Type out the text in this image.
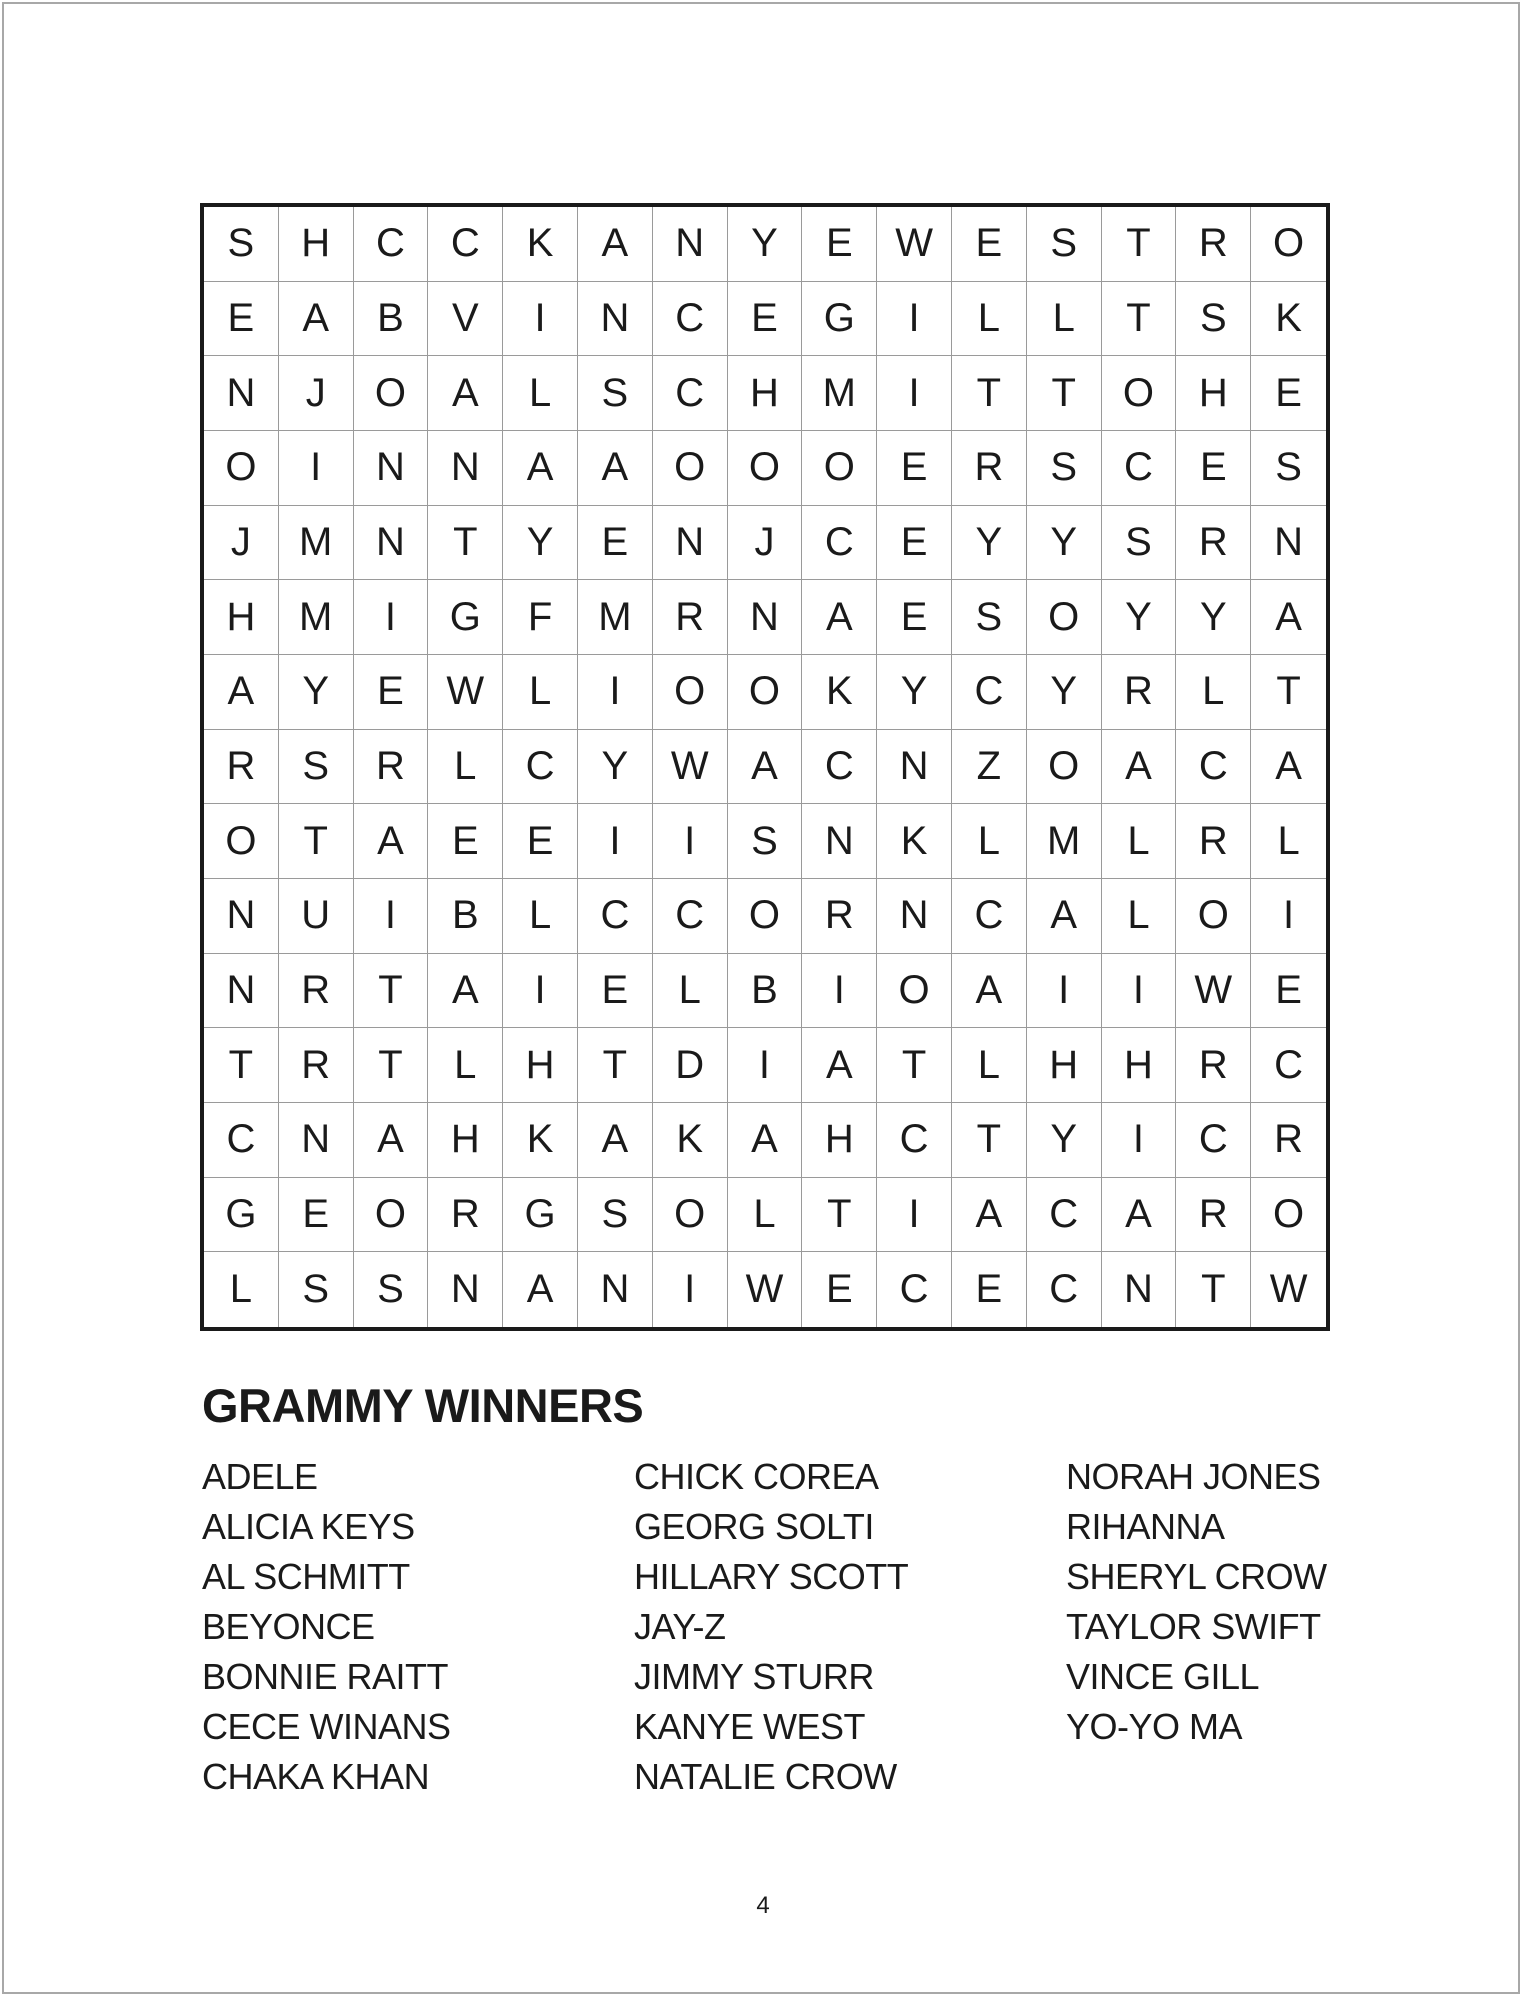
S	H	C	C	K	A	N	Y	E	W	E	S	T	R	O
E	A	B	V	I	N	C	E	G	I	L	L	T	S	K
N	J	O	A	L	S	C	H	M	I	T	T	O	H	E
O	I	N	N	A	A	O	O	O	E	R	S	C	E	S
J	M	N	T	Y	E	N	J	C	E	Y	Y	S	R	N
H	M	I	G	F	M	R	N	A	E	S	O	Y	Y	A
A	Y	E	W	L	I	O	O	K	Y	C	Y	R	L	T
R	S	R	L	C	Y	W	A	C	N	Z	O	A	C	A
O	T	A	E	E	I	I	S	N	K	L	M	L	R	L
N	U	I	B	L	C	C	O	R	N	C	A	L	O	I
N	R	T	A	I	E	L	B	I	O	A	I	I	W	E
T	R	T	L	H	T	D	I	A	T	L	H	H	R	C
C	N	A	H	K	A	K	A	H	C	T	Y	I	C	R
G	E	O	R	G	S	O	L	T	I	A	C	A	R	O
L	S	S	N	A	N	I	W	E	C	E	C	N	T	W
GRAMMY WINNERS
ADELE
ALICIA KEYS
AL SCHMITT
BEYONCE
BONNIE RAITT
CECE WINANS
CHAKA KHAN
CHICK COREA
GEORG SOLTI
HILLARY SCOTT
JAY-Z
JIMMY STURR
KANYE WEST
NATALIE CROW
NORAH JONES
RIHANNA
SHERYL CROW
TAYLOR SWIFT
VINCE GILL
YO-YO MA
4
